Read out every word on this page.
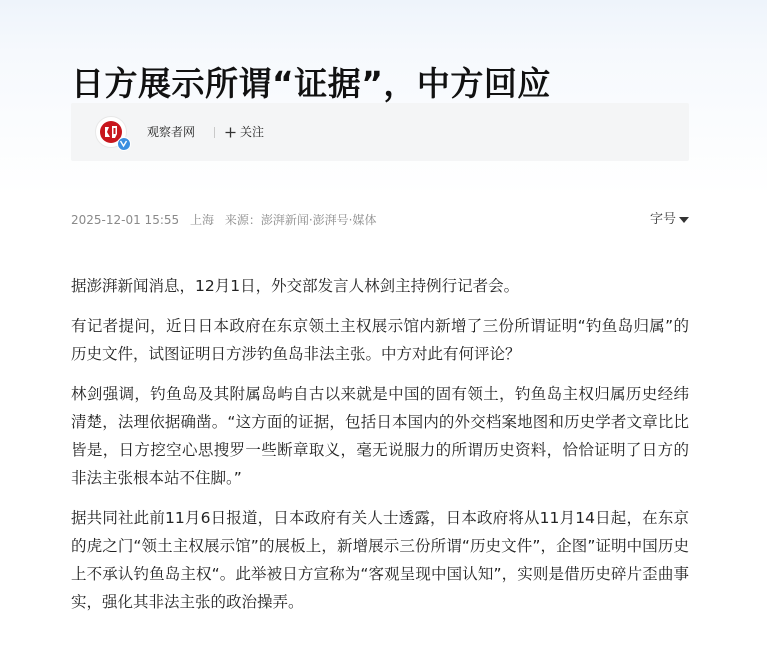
日方展示所谓“证据”，中方回应
观察者网	关注
2025-12-01 15:55 上海 来源：澎湃新闻·澎湃号·媒体	字号

据澎湃新闻消息，12月1日，外交部发言人林剑主持例行记者会。

有记者提问，近日日本政府在东京领土主权展示馆内新增了三份所谓证明“钓鱼岛归属”的历史文件，试图证明日方涉钓鱼岛非法主张。中方对此有何评论？

林剑强调，钓鱼岛及其附属岛屿自古以来就是中国的固有领土，钓鱼岛主权归属历史经纬清楚，法理依据确凿。“这方面的证据，包括日本国内的外交档案地图和历史学者文章比比皆是，日方挖空心思搜罗一些断章取义，毫无说服力的所谓历史资料，恰恰证明了日方的非法主张根本站不住脚。”

据共同社此前11月6日报道，日本政府有关人士透露，日本政府将从11月14日起，在东京的虎之门“领土主权展示馆”的展板上，新增展示三份所谓“历史文件”，企图”证明中国历史上不承认钓鱼岛主权“。此举被日方宣称为“客观呈现中国认知”，实则是借历史碎片歪曲事实，强化其非法主张的政治操弄。
